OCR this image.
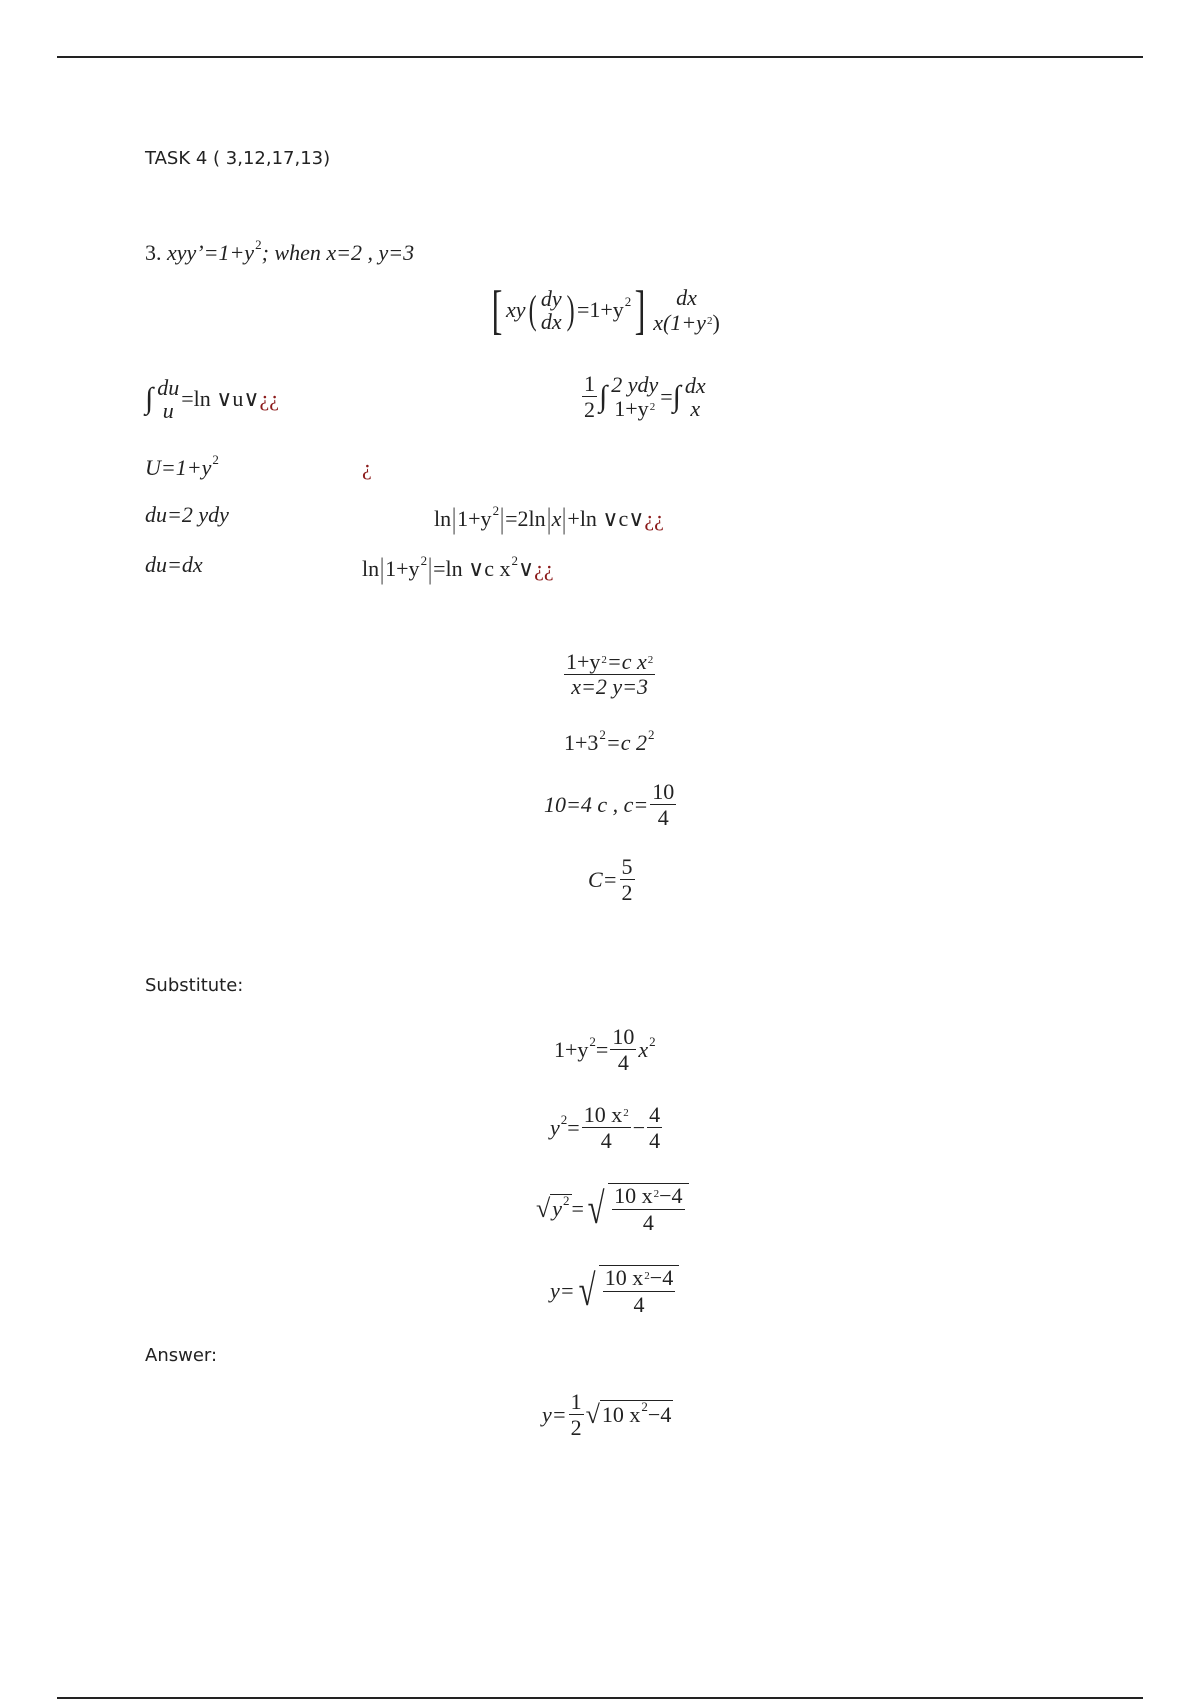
TASK 4 ( 3,12,17,13)
3.
xyy’=1+y 2 ; when x=2 , y=3
[ xy ( dy
dx ) =1+y 2 ] dx
$x(1+y^2)$
∫ du
u =ln ∨u∨ ¿¿	$\frac{1}{2}$ ∫ 2 ydy
$1+y^2$ = ∫ dx
x
U=1+y 2	¿
du=2 ydy	ln | 1+y 2 | =2ln | x | +ln ∨c∨ ¿¿
du=dx	ln | 1+y 2 | =ln ∨c x 2 ∨ ¿¿
$\frac{1+y^2=c x^2}{x=2 y=3}$
1+3 2 =c 2 2
10=4 c , $c= \frac{10}{4}$
$C= \frac{5}{2}$
Substitute:
1+y $2 = \frac{10}{4}$ x 2
y $2 = \frac{10 x^2}{4} - \frac{4}{4}$
√ y 2 = √ $\frac{10 x^2-4}{4}$
y= √ $\frac{10 x^2-4}{4}$
Answer:
$y= \frac{1}{2}$ √ 10 x 2 −4
